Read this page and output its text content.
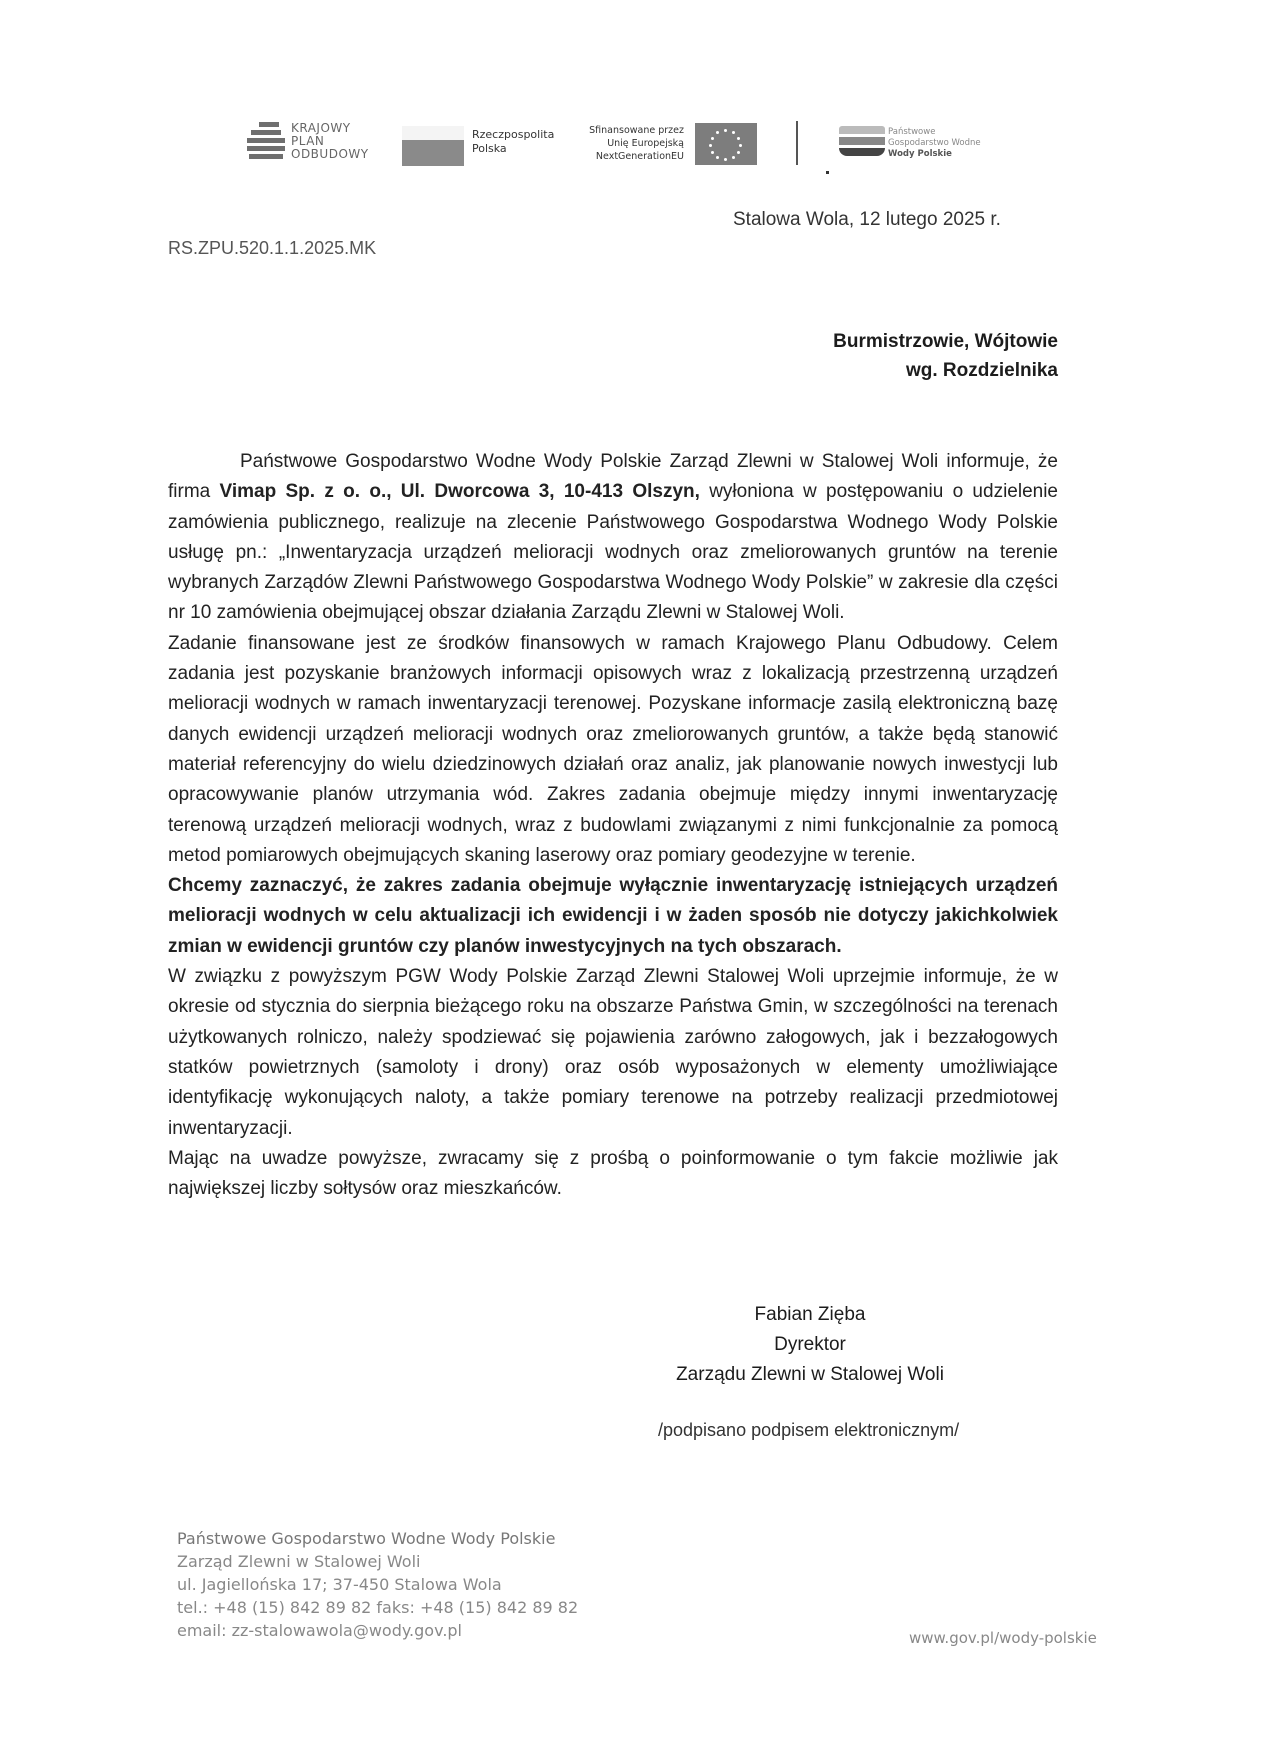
KRAJOWY
PLAN
ODBUDOWY
Rzeczpospolita
Polska
Sfinansowane przez
Unię Europejską
NextGenerationEU
Państwowe
Gospodarstwo Wodne
Wody Polskie
Stalowa Wola, 12 lutego 2025 r.
RS.ZPU.520.1.1.2025.MK
Burmistrzowie, Wójtowie
wg. Rozdzielnika

Państwowe Gospodarstwo Wodne Wody Polskie Zarząd Zlewni w Stalowej Woli informuje, że firma Vimap Sp. z o. o., Ul. Dworcowa 3, 10-413 Olszyn, wyłoniona w postępowaniu o udzielenie zamówienia publicznego, realizuje na zlecenie Państwowego Gospodarstwa Wodnego Wody Polskie usługę pn.: „Inwentaryzacja urządzeń melioracji wodnych oraz zmeliorowanych gruntów na terenie wybranych Zarządów Zlewni Państwowego Gospodarstwa Wodnego Wody Polskie” w zakresie dla części nr 10 zamówienia obejmującej obszar działania Zarządu Zlewni w Stalowej Woli.

Zadanie finansowane jest ze środków finansowych w ramach Krajowego Planu Odbudowy. Celem zadania jest pozyskanie branżowych informacji opisowych wraz z lokalizacją przestrzenną urządzeń melioracji wodnych w ramach inwentaryzacji terenowej. Pozyskane informacje zasilą elektroniczną bazę danych ewidencji urządzeń melioracji wodnych oraz zmeliorowanych gruntów, a także będą stanowić materiał referencyjny do wielu dziedzinowych działań oraz analiz, jak planowanie nowych inwestycji lub opracowywanie planów utrzymania wód. Zakres zadania obejmuje między innymi inwentaryzację terenową urządzeń melioracji wodnych, wraz z budowlami związanymi z nimi funkcjonalnie za pomocą metod pomiarowych obejmujących skaning laserowy oraz pomiary geodezyjne w terenie.

Chcemy zaznaczyć, że zakres zadania obejmuje wyłącznie inwentaryzację istniejących urządzeń melioracji wodnych w celu aktualizacji ich ewidencji i w żaden sposób nie dotyczy jakichkolwiek zmian w ewidencji gruntów czy planów inwestycyjnych na tych obszarach.

W związku z powyższym PGW Wody Polskie Zarząd Zlewni Stalowej Woli uprzejmie informuje, że w okresie od stycznia do sierpnia bieżącego roku na obszarze Państwa Gmin, w szczególności na terenach użytkowanych rolniczo, należy spodziewać się pojawienia zarówno załogowych, jak i bezzałogowych statków powietrznych (samoloty i drony) oraz osób wyposażonych w elementy umożliwiające identyfikację wykonujących naloty, a także pomiary terenowe na potrzeby realizacji przedmiotowej inwentaryzacji.

Mając na uwadze powyższe, zwracamy się z prośbą o poinformowanie o tym fakcie możliwie jak największej liczby sołtysów oraz mieszkańców.

Fabian Zięba
Dyrektor
Zarządu Zlewni w Stalowej Woli
/podpisano podpisem elektronicznym/
Państwowe Gospodarstwo Wodne Wody Polskie
Zarząd Zlewni w Stalowej Woli
ul. Jagiellońska 17; 37-450 Stalowa Wola
tel.: +48 (15) 842 89 82 faks: +48 (15) 842 89 82
email: zz-stalowawola@wody.gov.pl	www.gov.pl/wody-polskie
